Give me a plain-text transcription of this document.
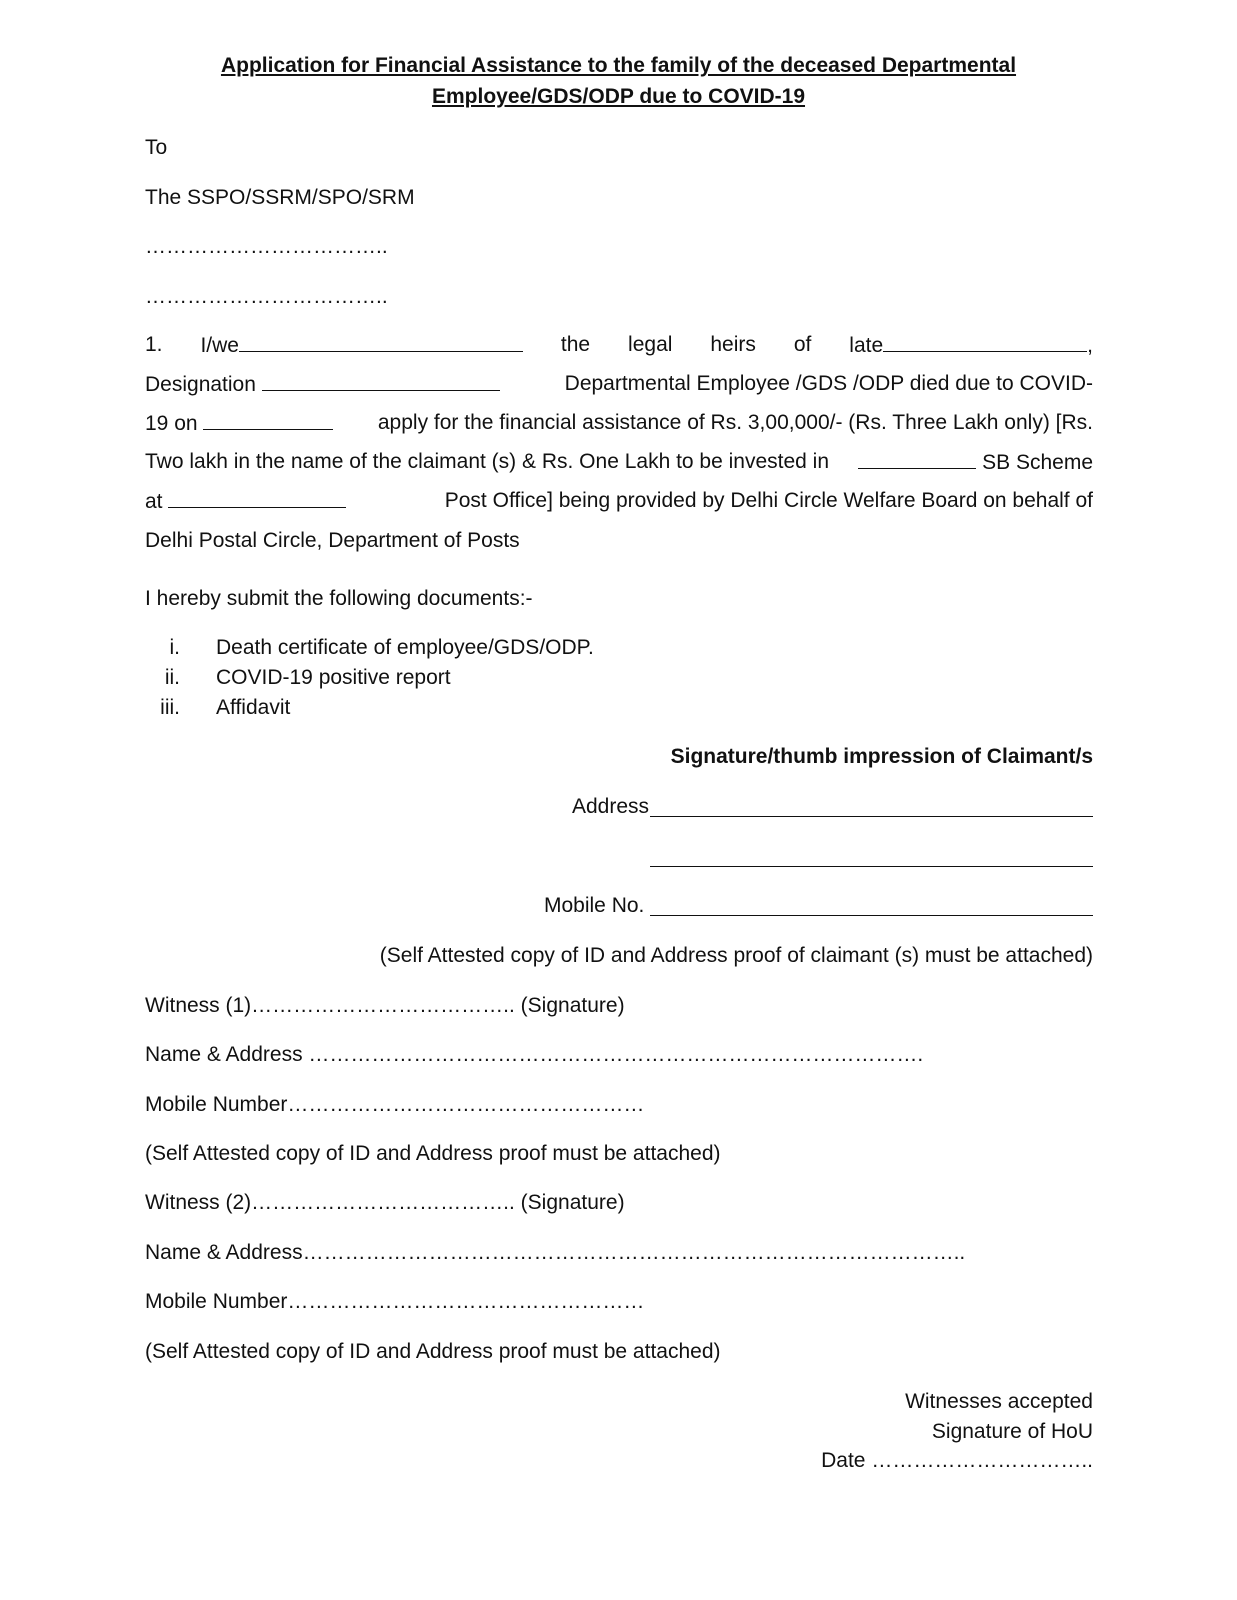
Application for Financial Assistance to the family of the deceased Departmental
Employee/GDS/ODP due to COVID-19
To
The SSPO/SSRM/SPO/SRM
……………………………..
……………………………..
1. I/we	the legal heirs of late	,
Designation	Departmental Employee /GDS /ODP died due to COVID-
19 on	apply for the financial assistance of Rs. 3,00,000/- (Rs. Three Lakh only) [Rs.
Two lakh in the name of the claimant (s) & Rs. One Lakh to be invested in	SB Scheme
at	Post Office] being provided by Delhi Circle Welfare Board on behalf of
Delhi Postal Circle, Department of Posts
I hereby submit the following documents:-
i. Death certificate of employee/GDS/ODP.
ii. COVID-19 positive report
iii. Affidavit
Signature/thumb impression of Claimant/s
Address
Mobile No.
(Self Attested copy of ID and Address proof of claimant (s) must be attached)
Witness (1)……………………………….. (Signature)
Name & Address …………………………………………………………………………….
Mobile Number……………………………………………
(Self Attested copy of ID and Address proof must be attached)
Witness (2)……………………………….. (Signature)
Name & Address…………………………………………………………………………………..
Mobile Number……………………………………………
(Self Attested copy of ID and Address proof must be attached)
Witnesses accepted
Signature of HoU
Date …………………………..
